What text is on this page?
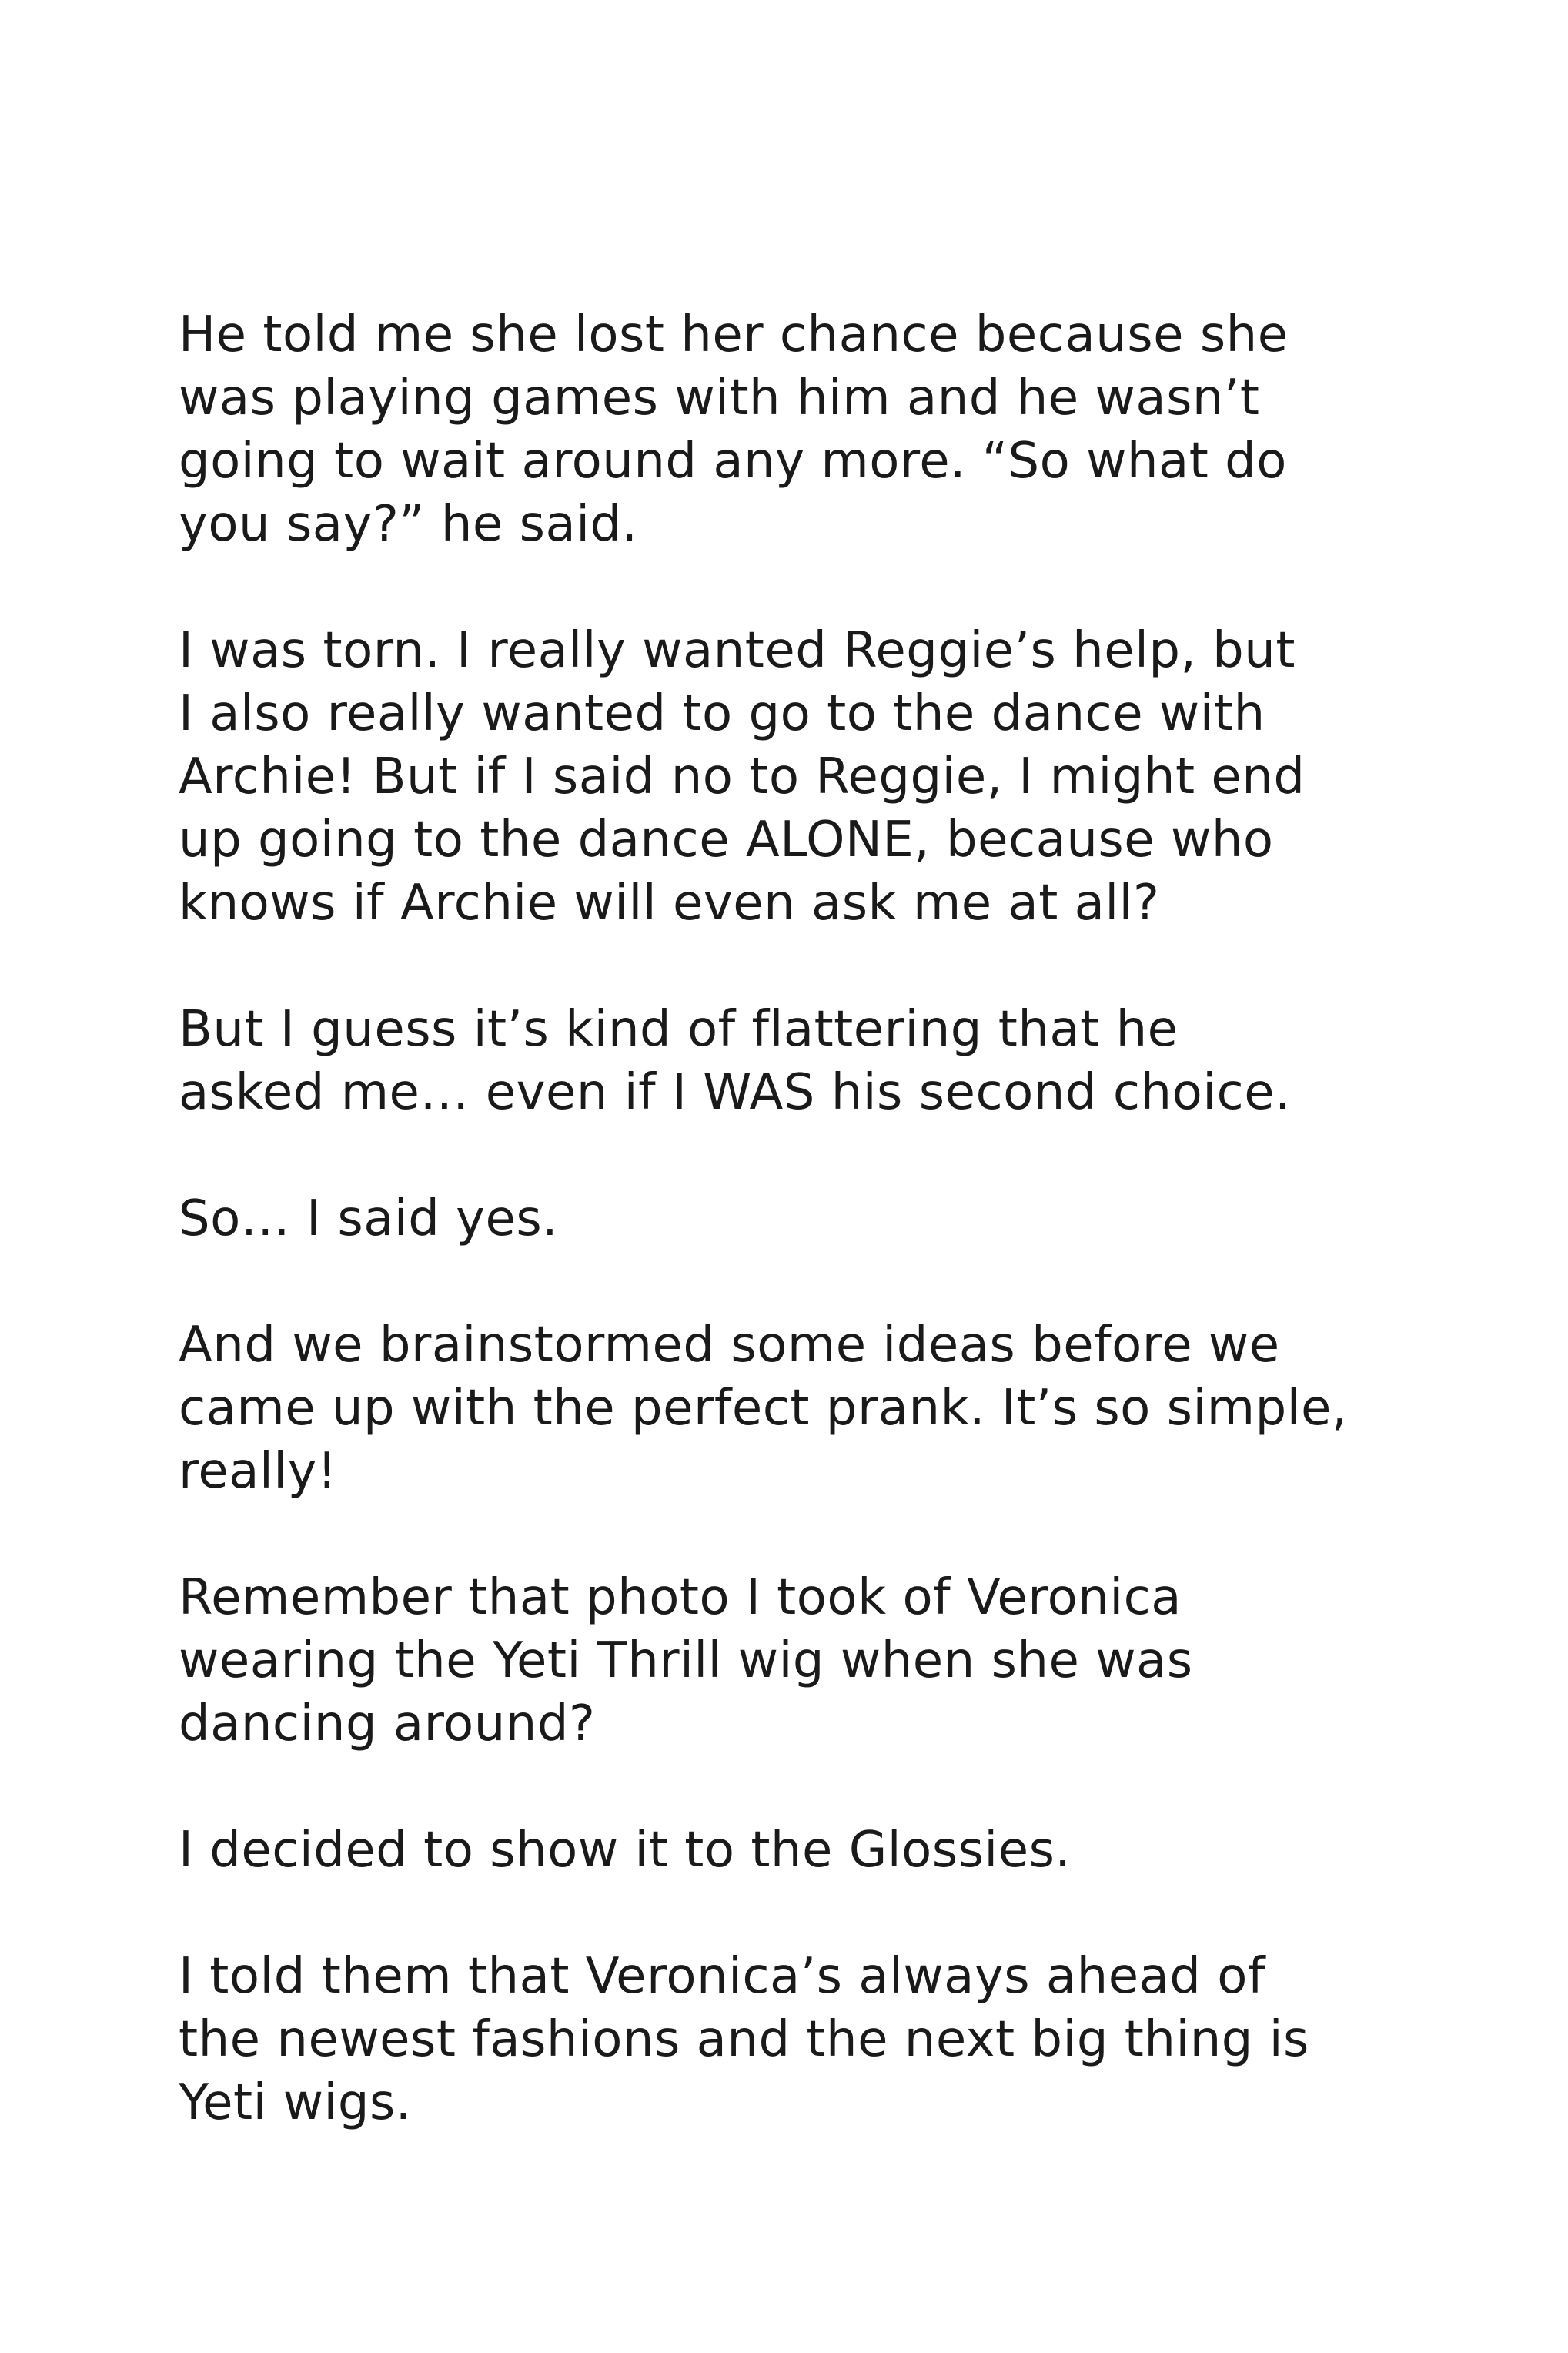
He told me she lost her chance because she
was playing games with him and he wasn’t
going to wait around any more. “So what do
you say?” he said.

I was torn. I really wanted Reggie’s help, but
I also really wanted to go to the dance with
Archie! But if I said no to Reggie, I might end
up going to the dance ALONE, because who
knows if Archie will even ask me at all?

But I guess it’s kind of flattering that he
asked me… even if I WAS his second choice.

So… I said yes.

And we brainstormed some ideas before we
came up with the perfect prank. It’s so simple,
really!

Remember that photo I took of Veronica
wearing the Yeti Thrill wig when she was
dancing around?

I decided to show it to the Glossies.

I told them that Veronica’s always ahead of
the newest fashions and the next big thing is
Yeti wigs.
